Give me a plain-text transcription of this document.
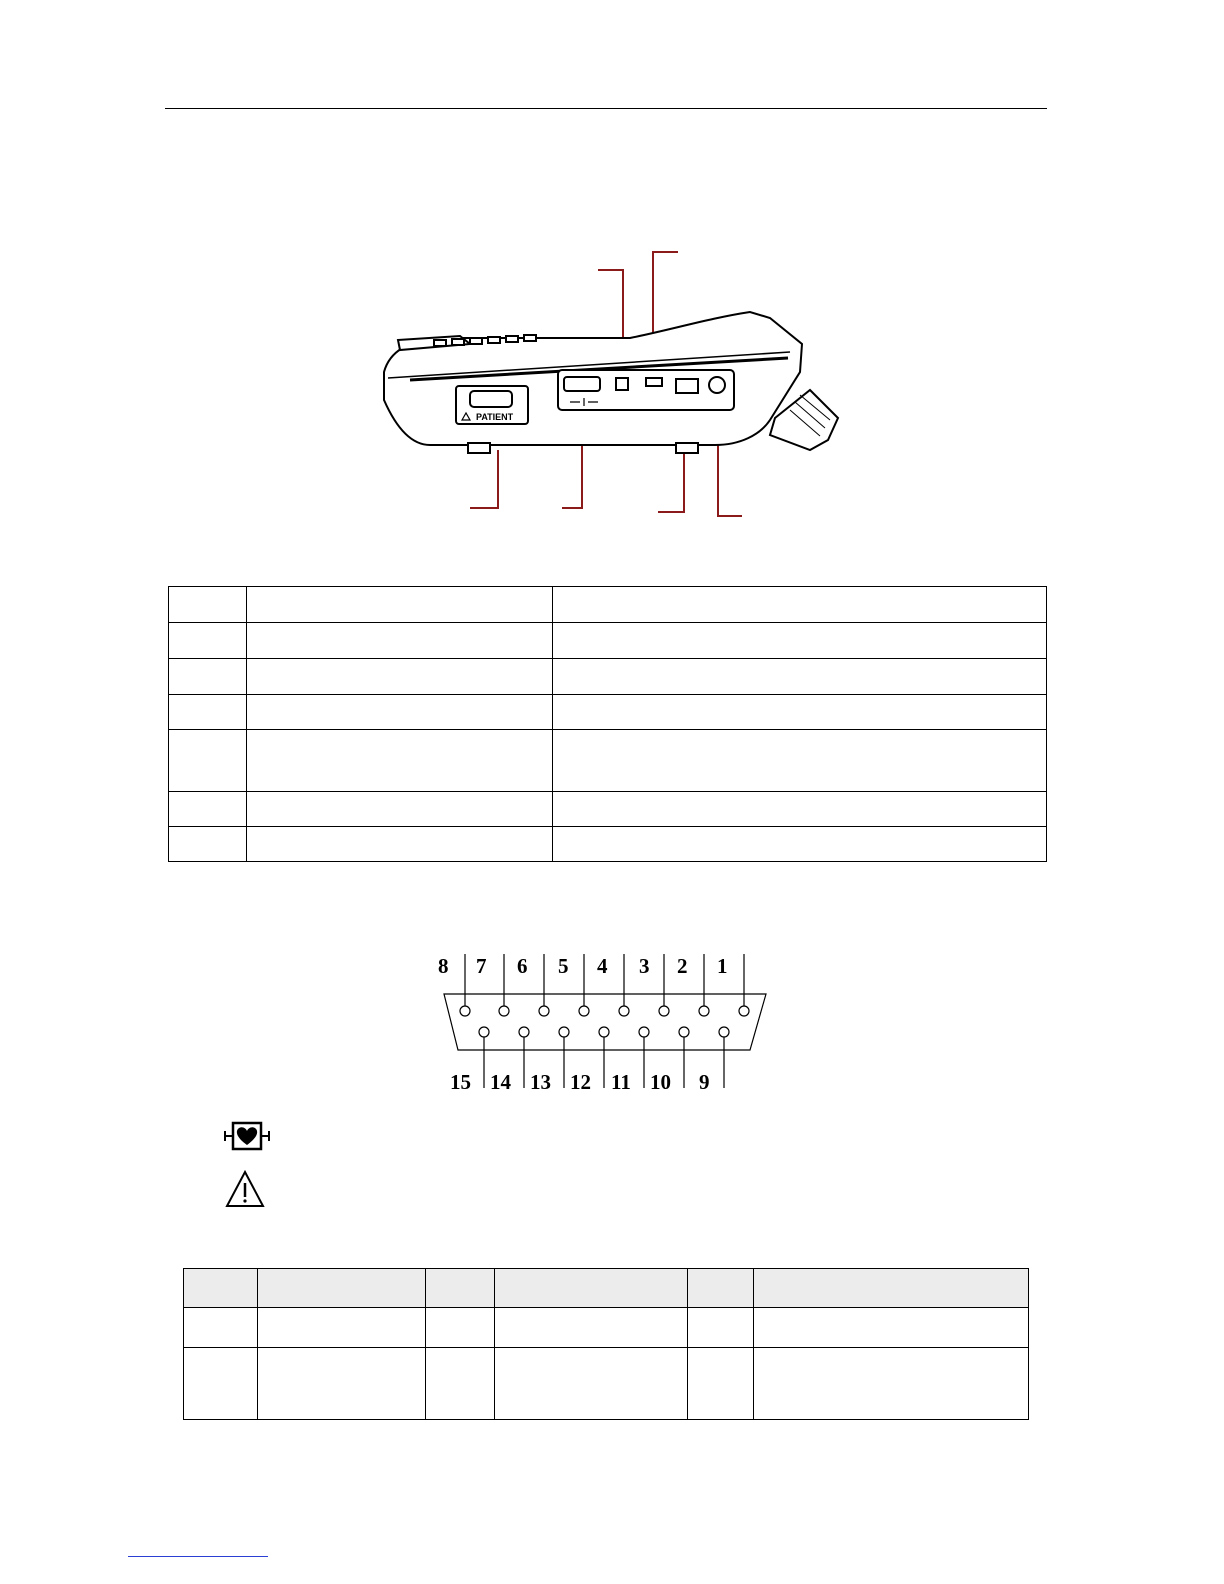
PATIENT

8 7 6 5 4 3 2 1
15 14 13 12 11 10 9
